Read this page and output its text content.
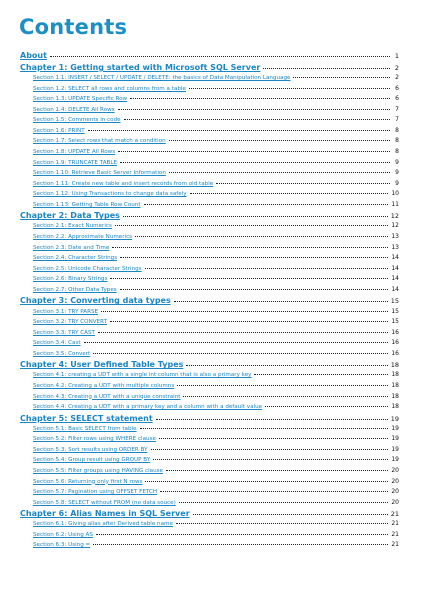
Contents
About	1
Chapter 1: Getting started with Microsoft SQL Server	2
Section 1.1: INSERT / SELECT / UPDATE / DELETE: the basics of Data Manipulation Language	2
Section 1.2: SELECT all rows and columns from a table	6
Section 1.3: UPDATE Specific Row	6
Section 1.4: DELETE All Rows	7
Section 1.5: Comments in code	7
Section 1.6: PRINT	8
Section 1.7: Select rows that match a condition	8
Section 1.8: UPDATE All Rows	8
Section 1.9: TRUNCATE TABLE	9
Section 1.10: Retrieve Basic Server Information	9
Section 1.11: Create new table and insert records from old table	9
Section 1.12: Using Transactions to change data safely	10
Section 1.13: Getting Table Row Count	11
Chapter 2: Data Types	12
Section 2.1: Exact Numerics	12
Section 2.2: Approximate Numerics	13
Section 2.3: Date and Time	13
Section 2.4: Character Strings	14
Section 2.5: Unicode Character Strings	14
Section 2.6: Binary Strings	14
Section 2.7: Other Data Types	14
Chapter 3: Converting data types	15
Section 3.1: TRY PARSE	15
Section 3.2: TRY CONVERT	15
Section 3.3: TRY CAST	16
Section 3.4: Cast	16
Section 3.5: Convert	16
Chapter 4: User Defined Table Types	18
Section 4.1: creating a UDT with a single int column that is also a primary key	18
Section 4.2: Creating a UDT with multiple columns	18
Section 4.3: Creating a UDT with a unique constraint	18
Section 4.4: Creating a UDT with a primary key and a column with a default value	18
Chapter 5: SELECT statement	19
Section 5.1: Basic SELECT from table	19
Section 5.2: Filter rows using WHERE clause	19
Section 5.3: Sort results using ORDER BY	19
Section 5.4: Group result using GROUP BY	19
Section 5.5: Filter groups using HAVING clause	20
Section 5.6: Returning only first N rows	20
Section 5.7: Pagination using OFFSET FETCH	20
Section 5.8: SELECT without FROM (no data souce)	20
Chapter 6: Alias Names in SQL Server	21
Section 6.1: Giving alias after Derived table name	21
Section 6.2: Using AS	21
Section 6.3: Using =	21
